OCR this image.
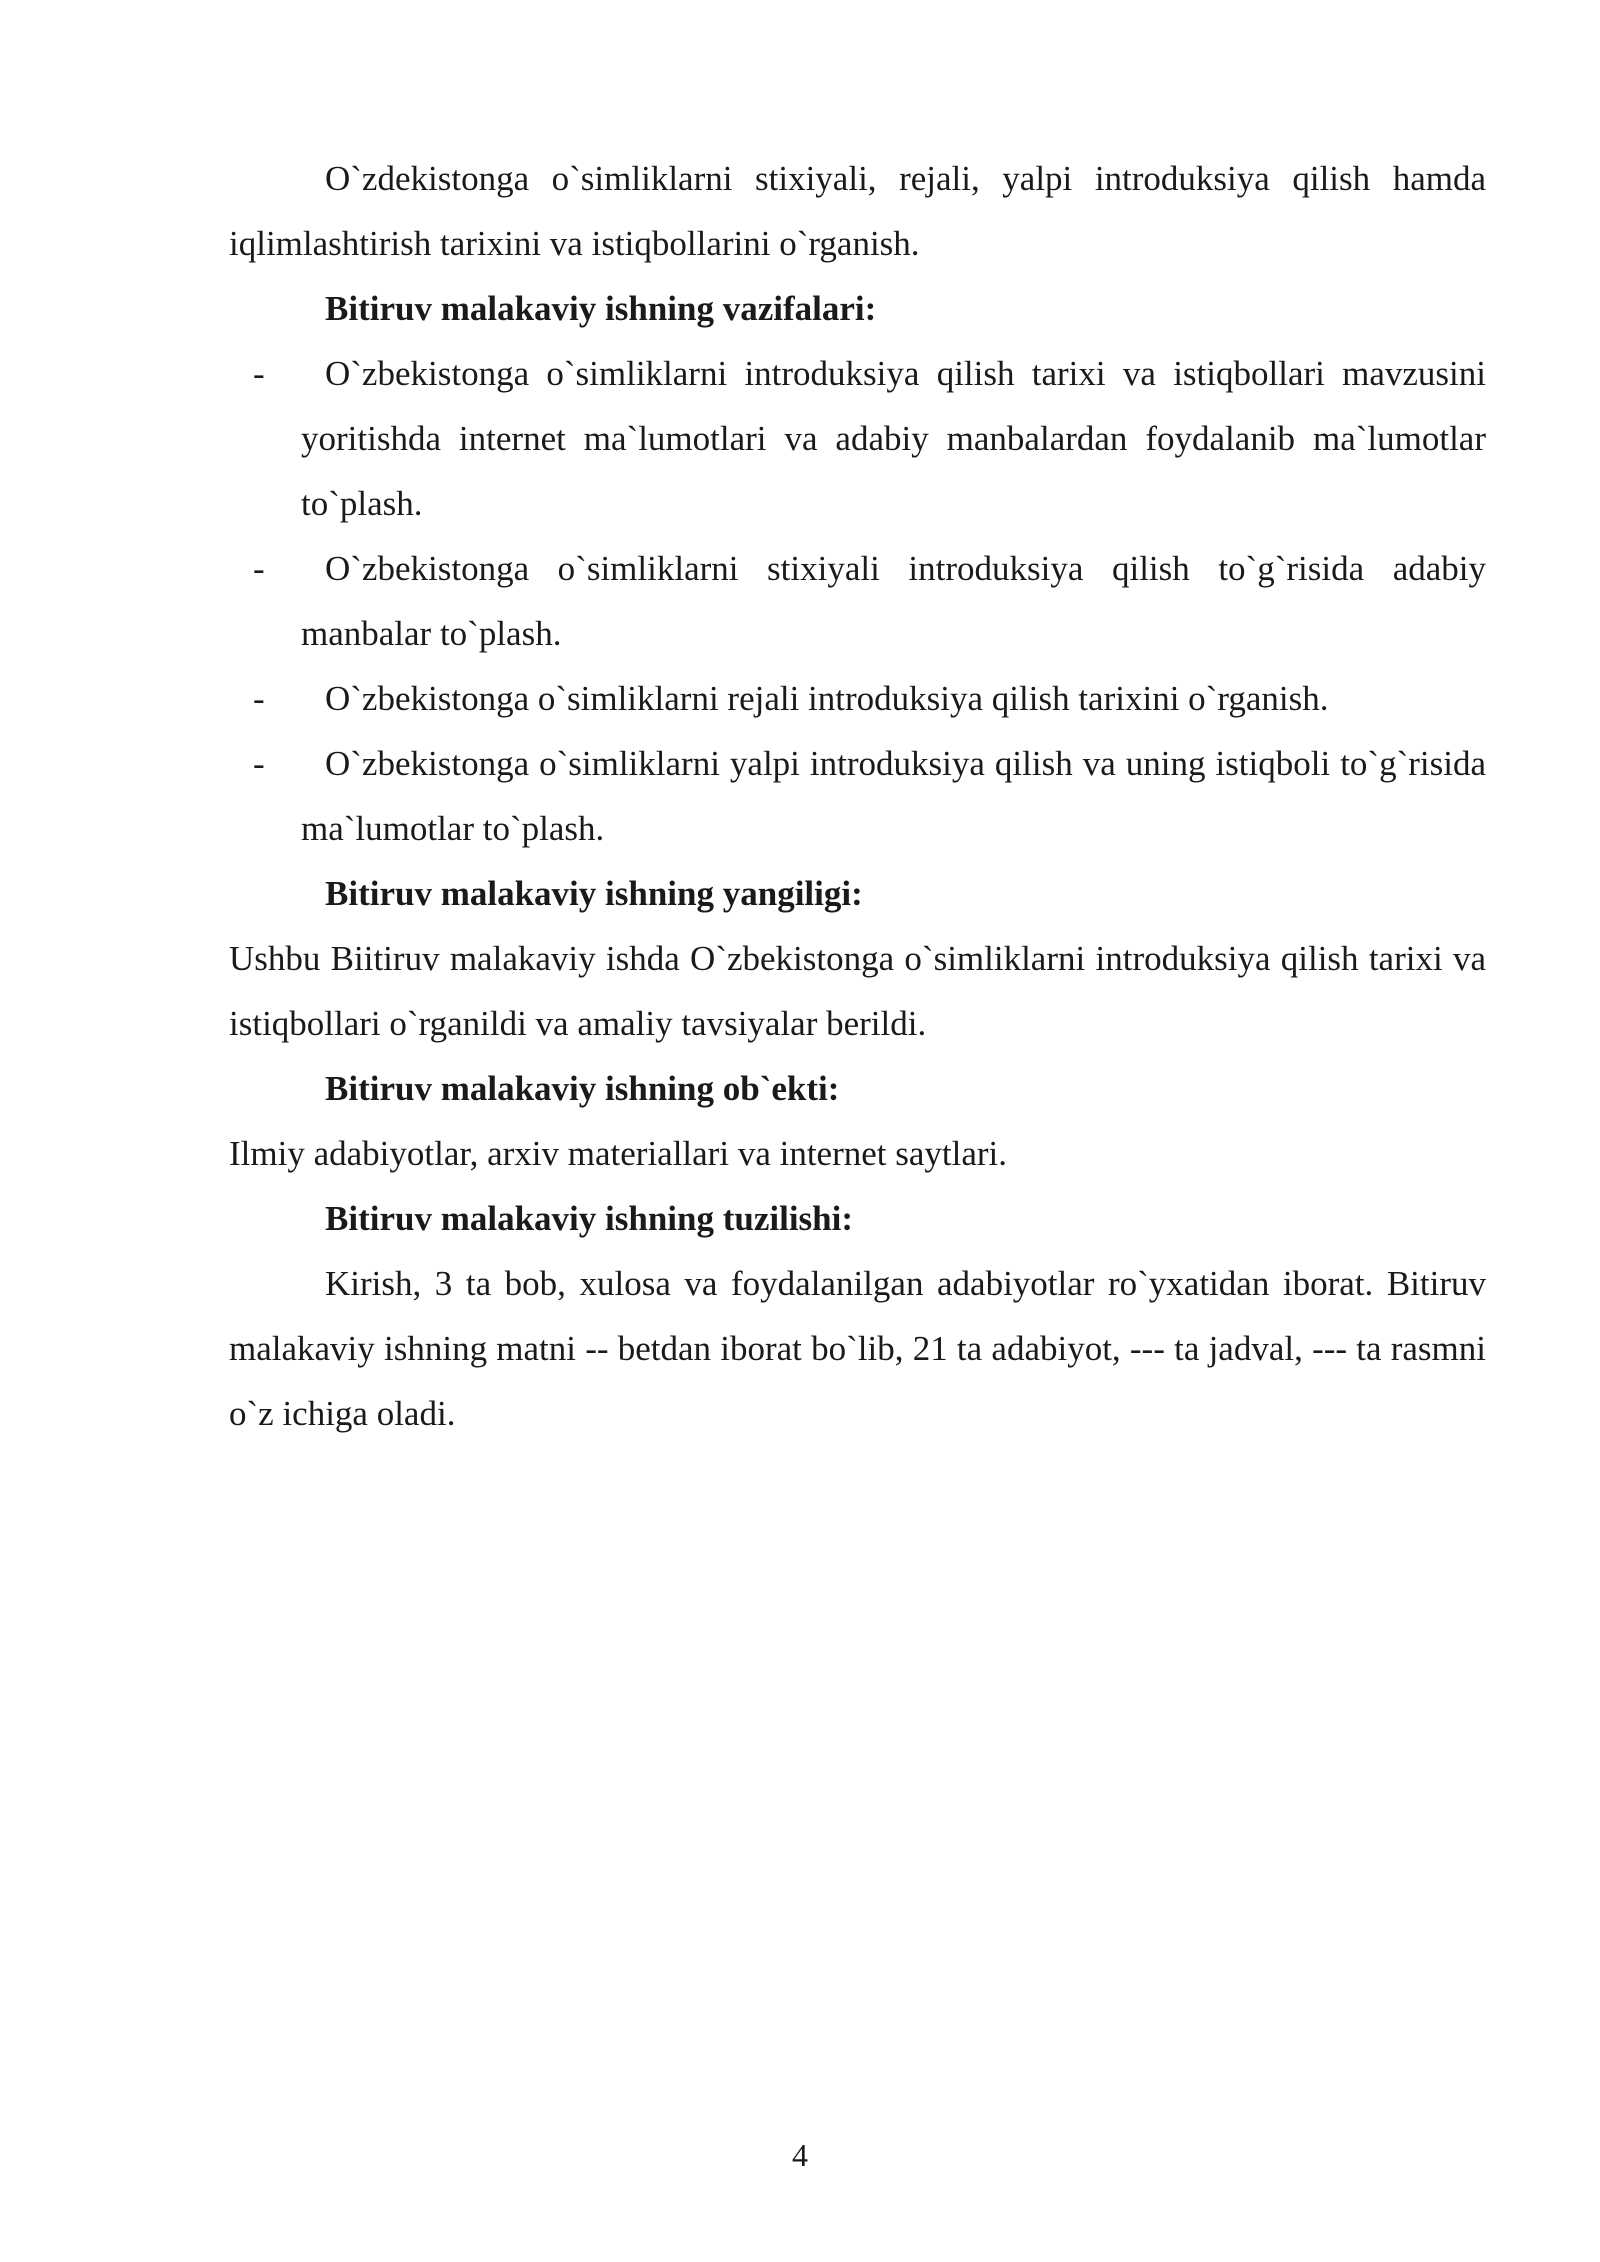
O`zdekistonga o`simliklarni stixiyali, rejali, yalpi introduksiya qilish hamda iqlimlashtirish tarixini va istiqbollarini o`rganish.

Bitiruv malakaviy ishning vazifalari:

- O`zbekistonga o`simliklarni introduksiya qilish tarixi va istiqbollari mavzusini yoritishda internet ma`lumotlari va adabiy manbalardan foydalanib ma`lumotlar to`plash.

- O`zbekistonga o`simliklarni stixiyali introduksiya qilish to`g`risida adabiy manbalar to`plash.

- O`zbekistonga o`simliklarni rejali introduksiya qilish tarixini o`rganish.

- O`zbekistonga o`simliklarni yalpi introduksiya qilish va uning istiqboli to`g`risida ma`lumotlar to`plash.

Bitiruv malakaviy ishning yangiligi:

Ushbu Biitiruv malakaviy ishda O`zbekistonga o`simliklarni introduksiya qilish tarixi va istiqbollari o`rganildi va amaliy tavsiyalar berildi.

Bitiruv malakaviy ishning ob`ekti:

Ilmiy adabiyotlar, arxiv materiallari va internet saytlari.

Bitiruv malakaviy ishning tuzilishi:

Kirish, 3 ta bob, xulosa va foydalanilgan adabiyotlar ro`yxatidan iborat. Bitiruv malakaviy ishning matni -- betdan iborat bo`lib, 21 ta adabiyot, --- ta jadval, --- ta rasmni o`z ichiga oladi.

4
